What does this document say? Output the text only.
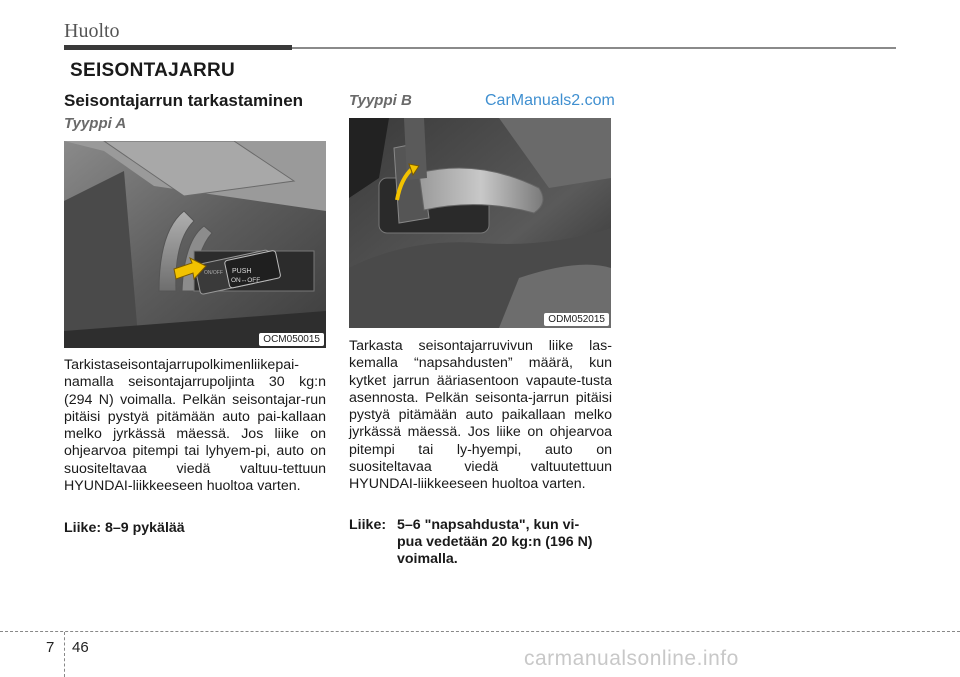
Huolto
SEISONTAJARRU
Seisontajarrun tarkastaminen
Tyyppi A
PUSH
ON↔OFF
ON/OFF
OCM050015
Tarkistaseisontajarrupolkimenliikepai-namalla seisontajarrupoljinta 30 kg:n (294 N) voimalla. Pelkän seisontajar-run pitäisi pystyä pitämään auto pai-kallaan melko jyrkässä mäessä. Jos liike on ohjearvoa pitempi tai lyhyem-pi, auto on suositeltavaa viedä valtuu-tettuun HYUNDAI-liikkeeseen huoltoa varten.
Liike: 8–9 pykälää
Tyyppi B	CarManuals2.com
ODM052015
Tarkasta seisontajarruvivun liike las-kemalla “napsahdusten” määrä, kun kytket jarrun ääriasentoon vapaute-tusta asennosta. Pelkän seisonta-jarrun pitäisi pystyä pitämään auto paikallaan melko jyrkässä mäessä. Jos liike on ohjearvoa pitempi tai ly-hyempi, auto on suositeltavaa viedä valtuutettuun HYUNDAI-liikkeeseen huoltoa varten.
Liike: 5–6 "napsahdusta", kun vi-
pua vedetään 20 kg:n (196 N)
voimalla.
7 46	carmanualsonline.info
